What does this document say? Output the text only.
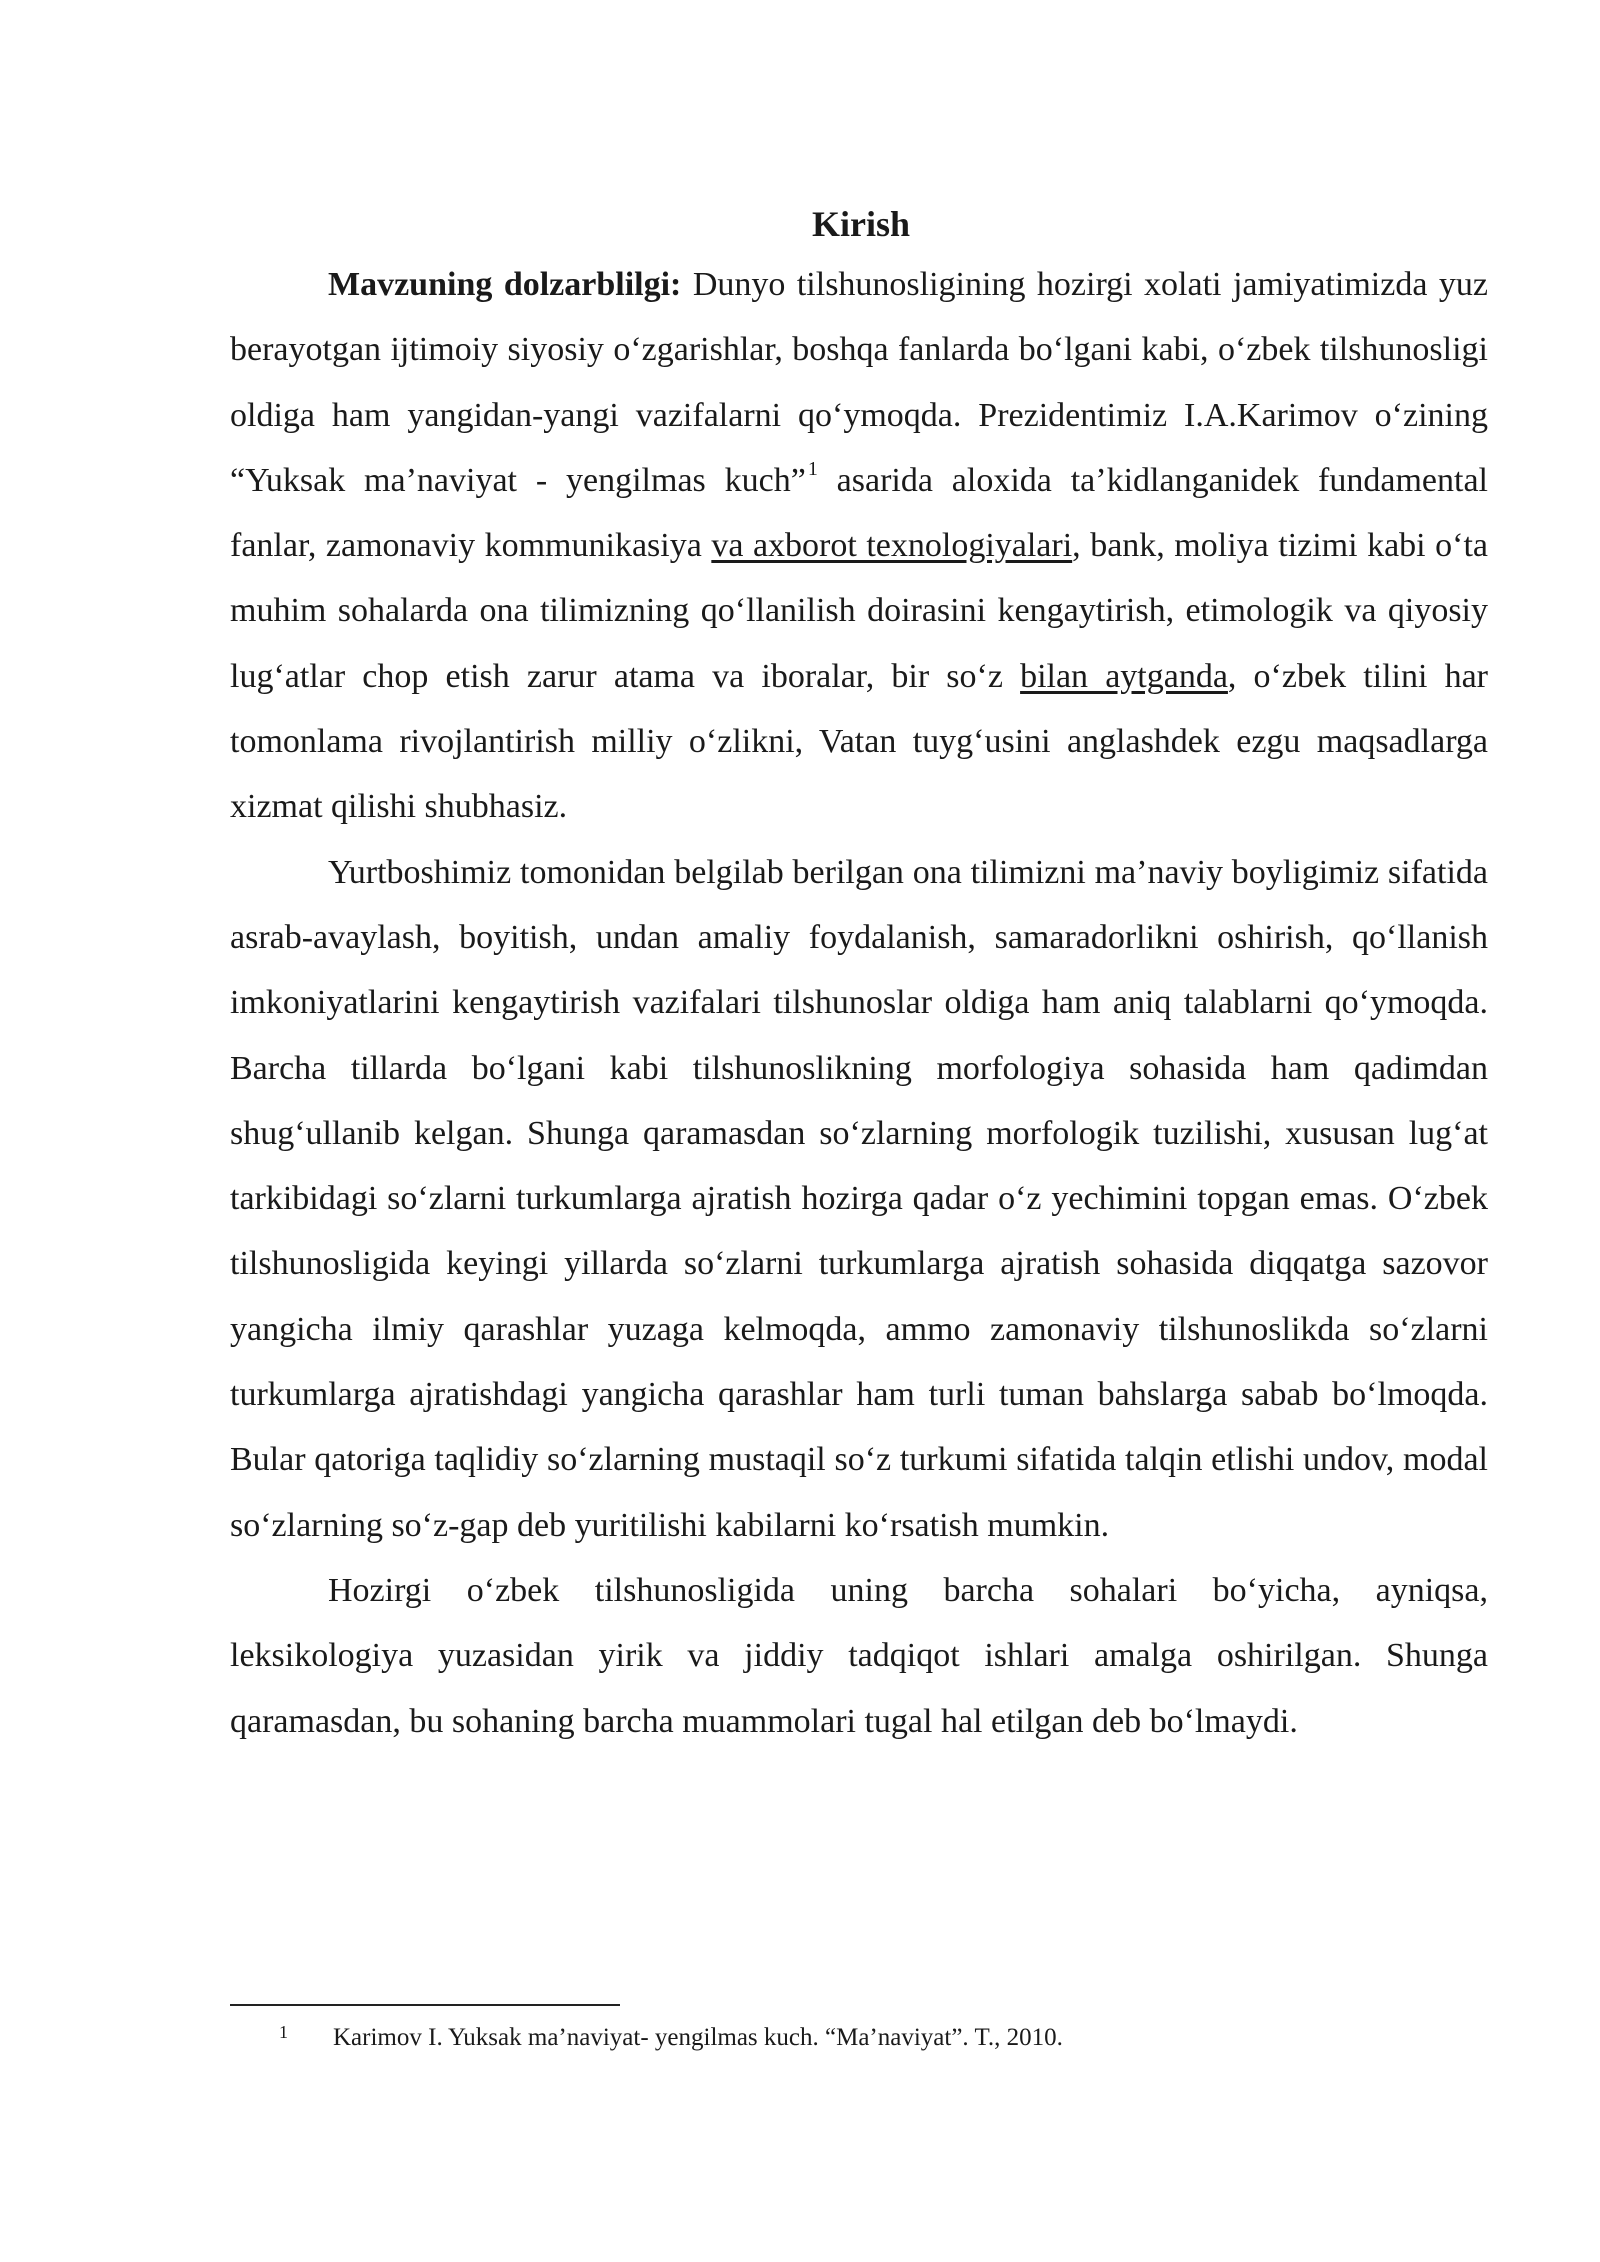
Kirish

Mavzuning dolzarblilgi: Dunyo tilshunosligining hozirgi xolati jamiyatimizda yuz berayotgan ijtimoiy siyosiy o‘zgarishlar, boshqa fanlarda bo‘lgani kabi, o‘zbek tilshunosligi oldiga ham yangidan-yangi vazifalarni qo‘ymoqda. Prezidentimiz I.A.Karimov o‘zining “Yuksak ma’naviyat - yengilmas kuch” $^1$ asarida aloxida ta’kidlanganidek fundamental fanlar, zamonaviy kommunikasiya va axborot texnologiyalari, bank, moliya tizimi kabi o‘ta muhim sohalarda ona tilimizning qo‘llanilish doirasini kengaytirish, etimologik va qiyosiy lug‘atlar chop etish zarur atama va iboralar, bir so‘z bilan aytganda, o‘zbek tilini har tomonlama rivojlantirish milliy o‘zlikni, Vatan tuyg‘usini anglashdek ezgu maqsadlarga xizmat qilishi shubhasiz.

Yurtboshimiz tomonidan belgilab berilgan ona tilimizni ma’naviy boyligimiz sifatida asrab-avaylash, boyitish, undan amaliy foydalanish, samaradorlikni oshirish, qo‘llanish imkoniyatlarini kengaytirish vazifalari tilshunoslar oldiga ham aniq talablarni qo‘ymoqda. Barcha tillarda bo‘lgani kabi tilshunoslikning morfologiya sohasida ham qadimdan shug‘ullanib kelgan. Shunga qaramasdan so‘zlarning morfologik tuzilishi, xususan lug‘at tarkibidagi so‘zlarni turkumlarga ajratish hozirga qadar o‘z yechimini topgan emas. O‘zbek tilshunosligida keyingi yillarda so‘zlarni turkumlarga ajratish sohasida diqqatga sazovor yangicha ilmiy qarashlar yuzaga kelmoqda, ammo zamonaviy tilshunoslikda so‘zlarni turkumlarga ajratishdagi yangicha qarashlar ham turli tuman bahslarga sabab bo‘lmoqda. Bular qatoriga taqlidiy so‘zlarning mustaqil so‘z turkumi sifatida talqin etlishi undov, modal so‘zlarning so‘z-gap deb yuritilishi kabilarni ko‘rsatish mumkin.

Hozirgi o‘zbek tilshunosligida uning barcha sohalari bo‘yicha, ayniqsa, leksikologiya yuzasidan yirik va jiddiy tadqiqot ishlari amalga oshirilgan. Shunga qaramasdan, bu sohaning barcha muammolari tugal hal etilgan deb bo‘lmaydi.

1 Karimov I. Yuksak ma’naviyat- yengilmas kuch. “Ma’naviyat”. T., 2010.
